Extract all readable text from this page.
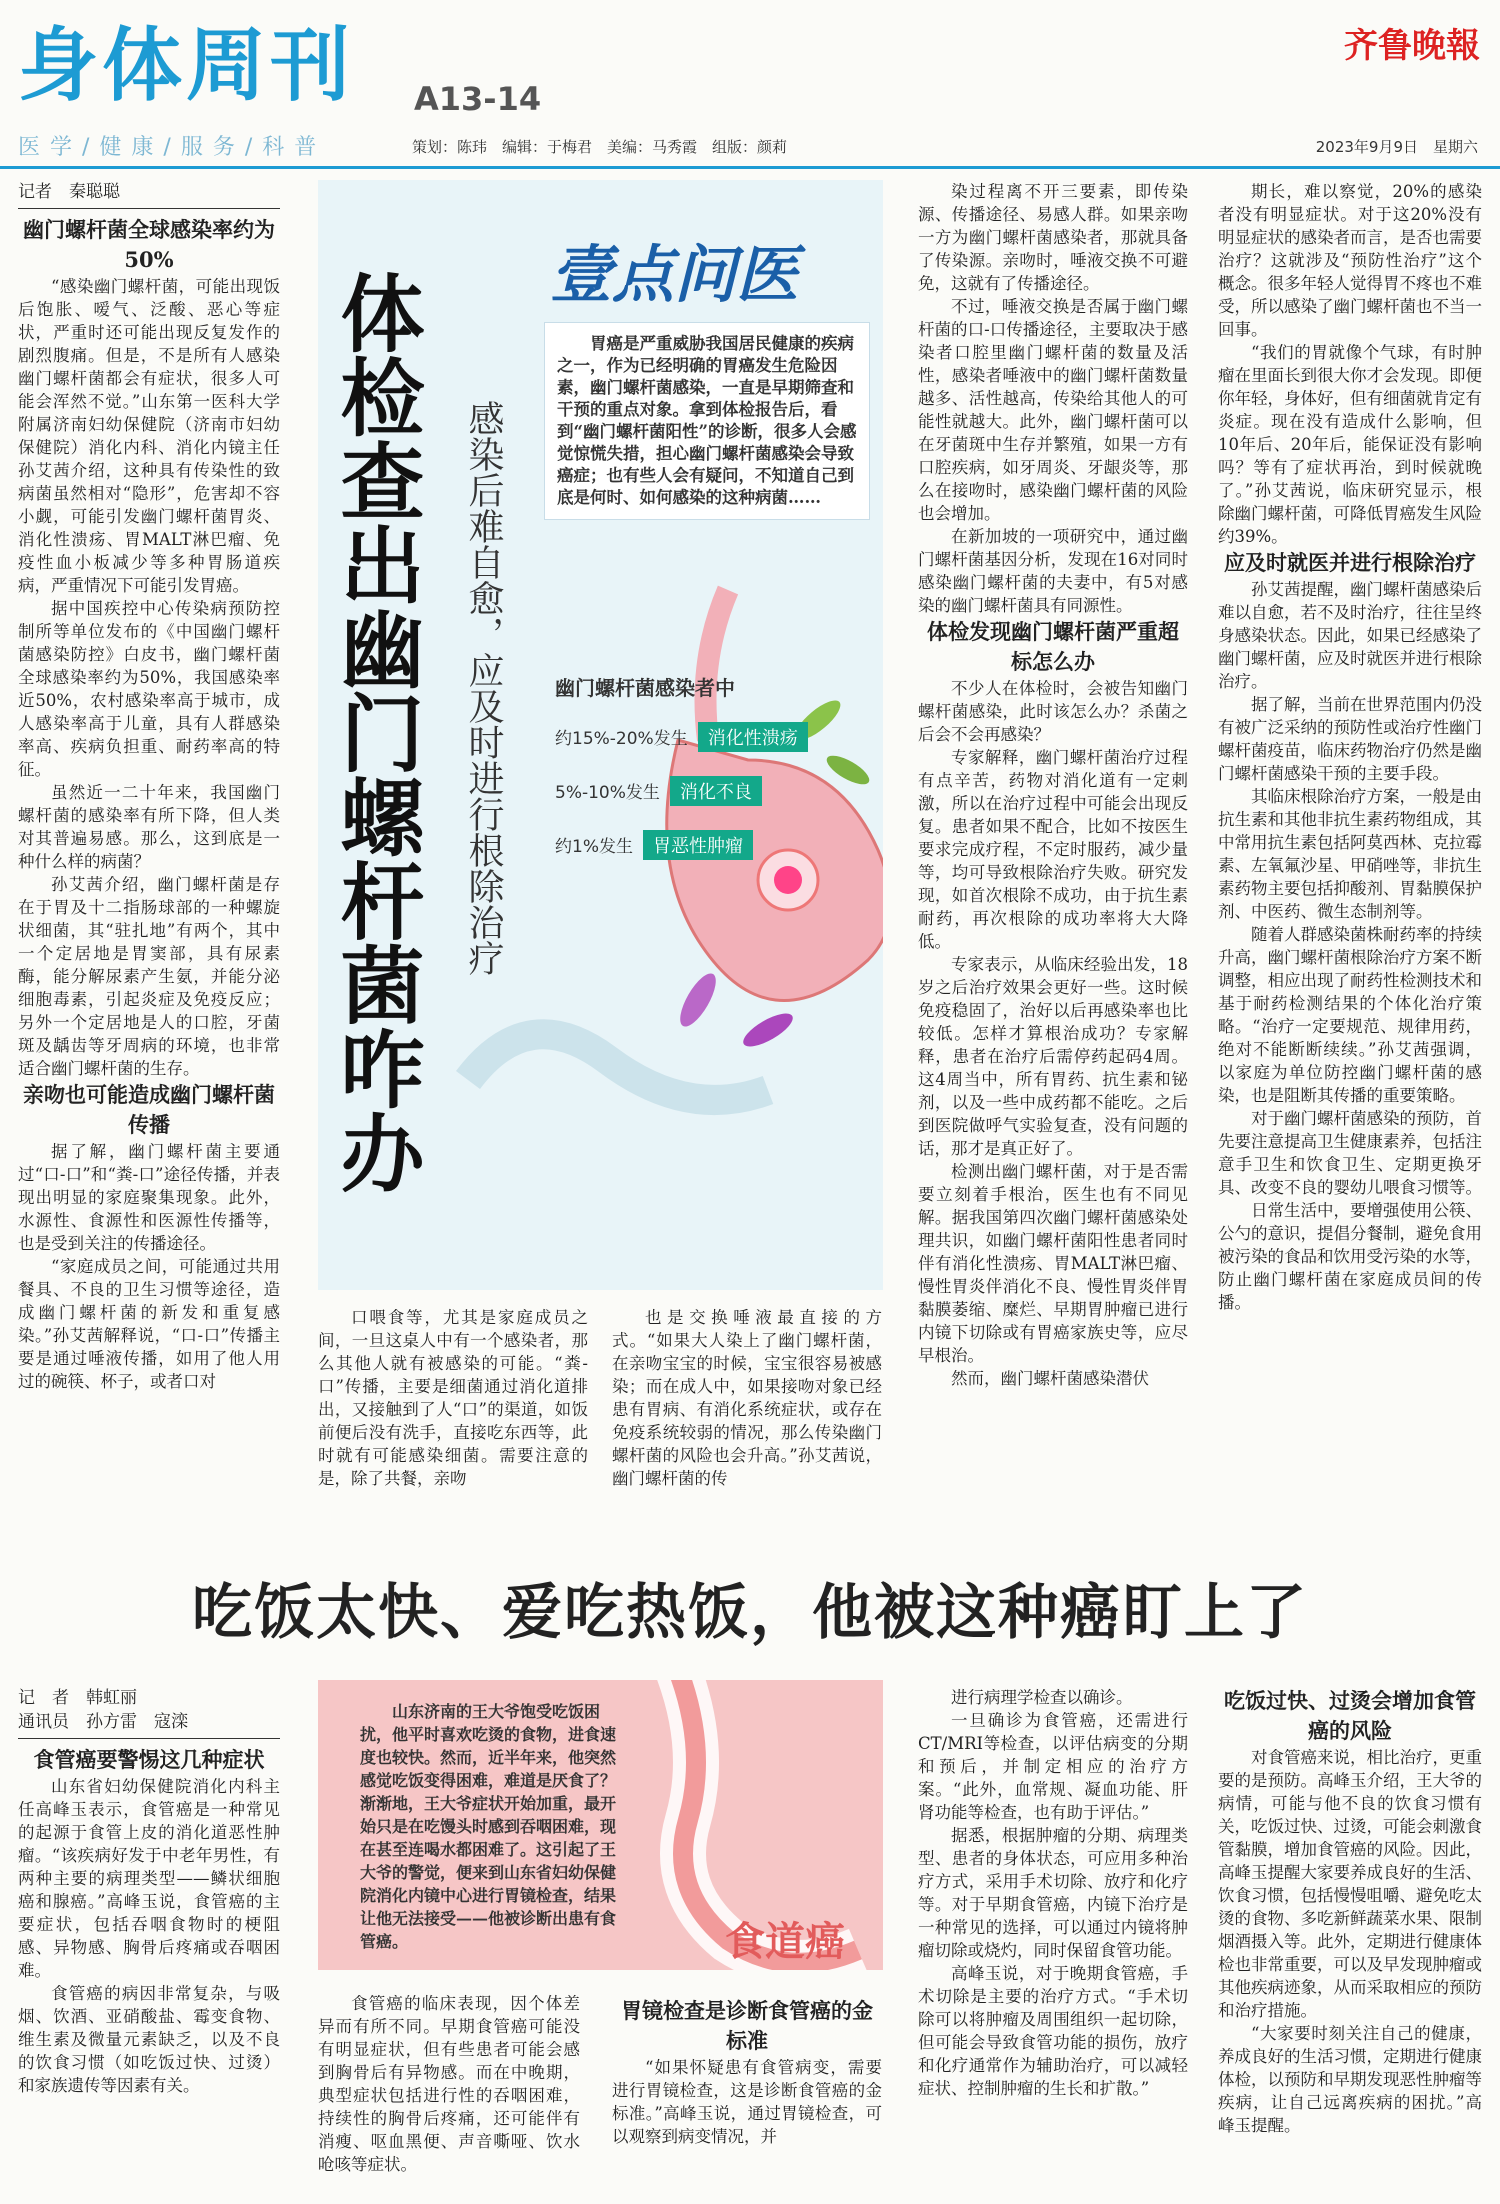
身体周刊 A13-14
医学/健康/服务/科普	策划：陈玮　编辑：于梅君　美编：马秀霞　组版：颜莉
齐鲁晚報
2023年9月9日　星期六

记者　秦聪聪

幽门螺杆菌全球感染率约为50%

“感染幽门螺杆菌，可能出现饭后饱胀、嗳气、泛酸、恶心等症状，严重时还可能出现反复发作的剧烈腹痛。但是，不是所有人感染幽门螺杆菌都会有症状，很多人可能会浑然不觉。”山东第一医科大学附属济南妇幼保健院（济南市妇幼保健院）消化内科、消化内镜主任孙艾茜介绍，这种具有传染性的致病菌虽然相对“隐形”，危害却不容小觑，可能引发幽门螺杆菌胃炎、消化性溃疡、胃MALT淋巴瘤、免疫性血小板减少等多种胃肠道疾病，严重情况下可能引发胃癌。

据中国疾控中心传染病预防控制所等单位发布的《中国幽门螺杆菌感染防控》白皮书，幽门螺杆菌全球感染率约为50%，我国感染率近50%，农村感染率高于城市，成人感染率高于儿童，具有人群感染率高、疾病负担重、耐药率高的特征。

虽然近一二十年来，我国幽门螺杆菌的感染率有所下降，但人类对其普遍易感。那么，这到底是一种什么样的病菌？

孙艾茜介绍，幽门螺杆菌是存在于胃及十二指肠球部的一种螺旋状细菌，其“驻扎地”有两个，其中一个定居地是胃窦部，具有尿素酶，能分解尿素产生氨，并能分泌细胞毒素，引起炎症及免疫反应；另外一个定居地是人的口腔，牙菌斑及龋齿等牙周病的环境，也非常适合幽门螺杆菌的生存。

亲吻也可能造成幽门螺杆菌传播

据了解，幽门螺杆菌主要通过“口-口”和“粪-口”途径传播，并表现出明显的家庭聚集现象。此外，水源性、食源性和医源性传播等，也是受到关注的传播途径。

“家庭成员之间，可能通过共用餐具、不良的卫生习惯等途径，造成幽门螺杆菌的新发和重复感染。”孙艾茜解释说，“口-口”传播主要是通过唾液传播，如用了他人用过的碗筷、杯子，或者口对

体检查出幽门螺杆菌咋办	感染后难自愈，应及时进行根除治疗
壹点问医

胃癌是严重威胁我国居民健康的疾病之一，作为已经明确的胃癌发生危险因素，幽门螺杆菌感染，一直是早期筛查和干预的重点对象。拿到体检报告后，看到“幽门螺杆菌阳性”的诊断，很多人会感觉惊慌失措，担心幽门螺杆菌感染会导致癌症；也有些人会有疑问，不知道自己到底是何时、如何感染的这种病菌……

幽门螺杆菌感染者中
约15%-20%发生 消化性溃疡
5%-10%发生 消化不良
约1%发生 胃恶性肿瘤

口喂食等，尤其是家庭成员之间，一旦这桌人中有一个感染者，那么其他人就有被感染的可能。“粪-口”传播，主要是细菌通过消化道排出，又接触到了人“口”的渠道，如饭前便后没有洗手，直接吃东西等，此时就有可能感染细菌。需要注意的是，除了共餐，亲吻

也是交换唾液最直接的方式。“如果大人染上了幽门螺杆菌，在亲吻宝宝的时候，宝宝很容易被感染；而在成人中，如果接吻对象已经患有胃病、有消化系统症状，或存在免疫系统较弱的情况，那么传染幽门螺杆菌的风险也会升高。”孙艾茜说，幽门螺杆菌的传

染过程离不开三要素，即传染源、传播途径、易感人群。如果亲吻一方为幽门螺杆菌感染者，那就具备了传染源。亲吻时，唾液交换不可避免，这就有了传播途径。

不过，唾液交换是否属于幽门螺杆菌的口-口传播途径，主要取决于感染者口腔里幽门螺杆菌的数量及活性，感染者唾液中的幽门螺杆菌数量越多、活性越高，传染给其他人的可能性就越大。此外，幽门螺杆菌可以在牙菌斑中生存并繁殖，如果一方有口腔疾病，如牙周炎、牙龈炎等，那么在接吻时，感染幽门螺杆菌的风险也会增加。

在新加坡的一项研究中，通过幽门螺杆菌基因分析，发现在16对同时感染幽门螺杆菌的夫妻中，有5对感染的幽门螺杆菌具有同源性。

体检发现幽门螺杆菌严重超标怎么办

不少人在体检时，会被告知幽门螺杆菌感染，此时该怎么办？杀菌之后会不会再感染？

专家解释，幽门螺杆菌治疗过程有点辛苦，药物对消化道有一定刺激，所以在治疗过程中可能会出现反复。患者如果不配合，比如不按医生要求完成疗程，不定时服药，减少量等，均可导致根除治疗失败。研究发现，如首次根除不成功，由于抗生素耐药，再次根除的成功率将大大降低。

专家表示，从临床经验出发，18岁之后治疗效果会更好一些。这时候免疫稳固了，治好以后再感染率也比较低。怎样才算根治成功？专家解释，患者在治疗后需停药起码4周。这4周当中，所有胃药、抗生素和铋剂，以及一些中成药都不能吃。之后到医院做呼气实验复查，没有问题的话，那才是真正好了。

检测出幽门螺杆菌，对于是否需要立刻着手根治，医生也有不同见解。据我国第四次幽门螺杆菌感染处理共识，如幽门螺杆菌阳性患者同时伴有消化性溃疡、胃MALT淋巴瘤、慢性胃炎伴消化不良、慢性胃炎伴胃黏膜萎缩、糜烂、早期胃肿瘤已进行内镜下切除或有胃癌家族史等，应尽早根治。

然而，幽门螺杆菌感染潜伏

期长，难以察觉，20%的感染者没有明显症状。对于这20%没有明显症状的感染者而言，是否也需要治疗？这就涉及“预防性治疗”这个概念。很多年轻人觉得胃不疼也不难受，所以感染了幽门螺杆菌也不当一回事。

“我们的胃就像个气球，有时肿瘤在里面长到很大你才会发现。即便你年轻，身体好，但有细菌就肯定有炎症。现在没有造成什么影响，但10年后、20年后，能保证没有影响吗？等有了症状再治，到时候就晚了。”孙艾茜说，临床研究显示，根除幽门螺杆菌，可降低胃癌发生风险约39%。

应及时就医并进行根除治疗

孙艾茜提醒，幽门螺杆菌感染后难以自愈，若不及时治疗，往往呈终身感染状态。因此，如果已经感染了幽门螺杆菌，应及时就医并进行根除治疗。

据了解，当前在世界范围内仍没有被广泛采纳的预防性或治疗性幽门螺杆菌疫苗，临床药物治疗仍然是幽门螺杆菌感染干预的主要手段。

其临床根除治疗方案，一般是由抗生素和其他非抗生素药物组成，其中常用抗生素包括阿莫西林、克拉霉素、左氧氟沙星、甲硝唑等，非抗生素药物主要包括抑酸剂、胃黏膜保护剂、中医药、微生态制剂等。

随着人群感染菌株耐药率的持续升高，幽门螺杆菌根除治疗方案不断调整，相应出现了耐药性检测技术和基于耐药检测结果的个体化治疗策略。“治疗一定要规范、规律用药，绝对不能断断续续。”孙艾茜强调，以家庭为单位防控幽门螺杆菌的感染，也是阻断其传播的重要策略。

对于幽门螺杆菌感染的预防，首先要注意提高卫生健康素养，包括注意手卫生和饮食卫生、定期更换牙具、改变不良的婴幼儿喂食习惯等。

日常生活中，要增强使用公筷、公勺的意识，提倡分餐制，避免食用被污染的食品和饮用受污染的水等，防止幽门螺杆菌在家庭成员间的传播。

吃饭太快、爱吃热饭，他被这种癌盯上了

记　者　韩虹丽

通讯员　孙方雷　寇滦

食管癌要警惕这几种症状

山东省妇幼保健院消化内科主任高峰玉表示，食管癌是一种常见的起源于食管上皮的消化道恶性肿瘤。“该疾病好发于中老年男性，有两种主要的病理类型——鳞状细胞癌和腺癌。”高峰玉说，食管癌的主要症状，包括吞咽食物时的梗阻感、异物感、胸骨后疼痛或吞咽困难。

食管癌的病因非常复杂，与吸烟、饮酒、亚硝酸盐、霉变食物、维生素及微量元素缺乏，以及不良的饮食习惯（如吃饭过快、过烫）和家族遗传等因素有关。

山东济南的王大爷饱受吃饭困扰，他平时喜欢吃烫的食物，进食速度也较快。然而，近半年来，他突然感觉吃饭变得困难，难道是厌食了？渐渐地，王大爷症状开始加重，最开始只是在吃馒头时感到吞咽困难，现在甚至连喝水都困难了。这引起了王大爷的警觉，便来到山东省妇幼保健院消化内镜中心进行胃镜检查，结果让他无法接受——他被诊断出患有食管癌。	食道癌

食管癌的临床表现，因个体差异而有所不同。早期食管癌可能没有明显症状，但有些患者可能会感到胸骨后有异物感。而在中晚期，典型症状包括进行性的吞咽困难，持续性的胸骨后疼痛，还可能伴有消瘦、呕血黑便、声音嘶哑、饮水呛咳等症状。

胃镜检查是诊断食管癌的金标准

“如果怀疑患有食管病变，需要进行胃镜检查，这是诊断食管癌的金标准。”高峰玉说，通过胃镜检查，可以观察到病变情况，并

进行病理学检查以确诊。

一旦确诊为食管癌，还需进行CT/MRI等检查，以评估病变的分期和预后，并制定相应的治疗方案。“此外，血常规、凝血功能、肝肾功能等检查，也有助于评估。”

据悉，根据肿瘤的分期、病理类型、患者的身体状态，可应用多种治疗方式，采用手术切除、放疗和化疗等。对于早期食管癌，内镜下治疗是一种常见的选择，可以通过内镜将肿瘤切除或烧灼，同时保留食管功能。

高峰玉说，对于晚期食管癌，手术切除是主要的治疗方式。“手术切除可以将肿瘤及周围组织一起切除，但可能会导致食管功能的损伤，放疗和化疗通常作为辅助治疗，可以减轻症状、控制肿瘤的生长和扩散。”

吃饭过快、过烫会增加食管癌的风险

对食管癌来说，相比治疗，更重要的是预防。高峰玉介绍，王大爷的病情，可能与他不良的饮食习惯有关，吃饭过快、过烫，可能会刺激食管黏膜，增加食管癌的风险。因此，高峰玉提醒大家要养成良好的生活、饮食习惯，包括慢慢咀嚼、避免吃太烫的食物、多吃新鲜蔬菜水果、限制烟酒摄入等。此外，定期进行健康体检也非常重要，可以及早发现肿瘤或其他疾病迹象，从而采取相应的预防和治疗措施。

“大家要时刻关注自己的健康，养成良好的生活习惯，定期进行健康体检，以预防和早期发现恶性肿瘤等疾病，让自己远离疾病的困扰。”高峰玉提醒。
